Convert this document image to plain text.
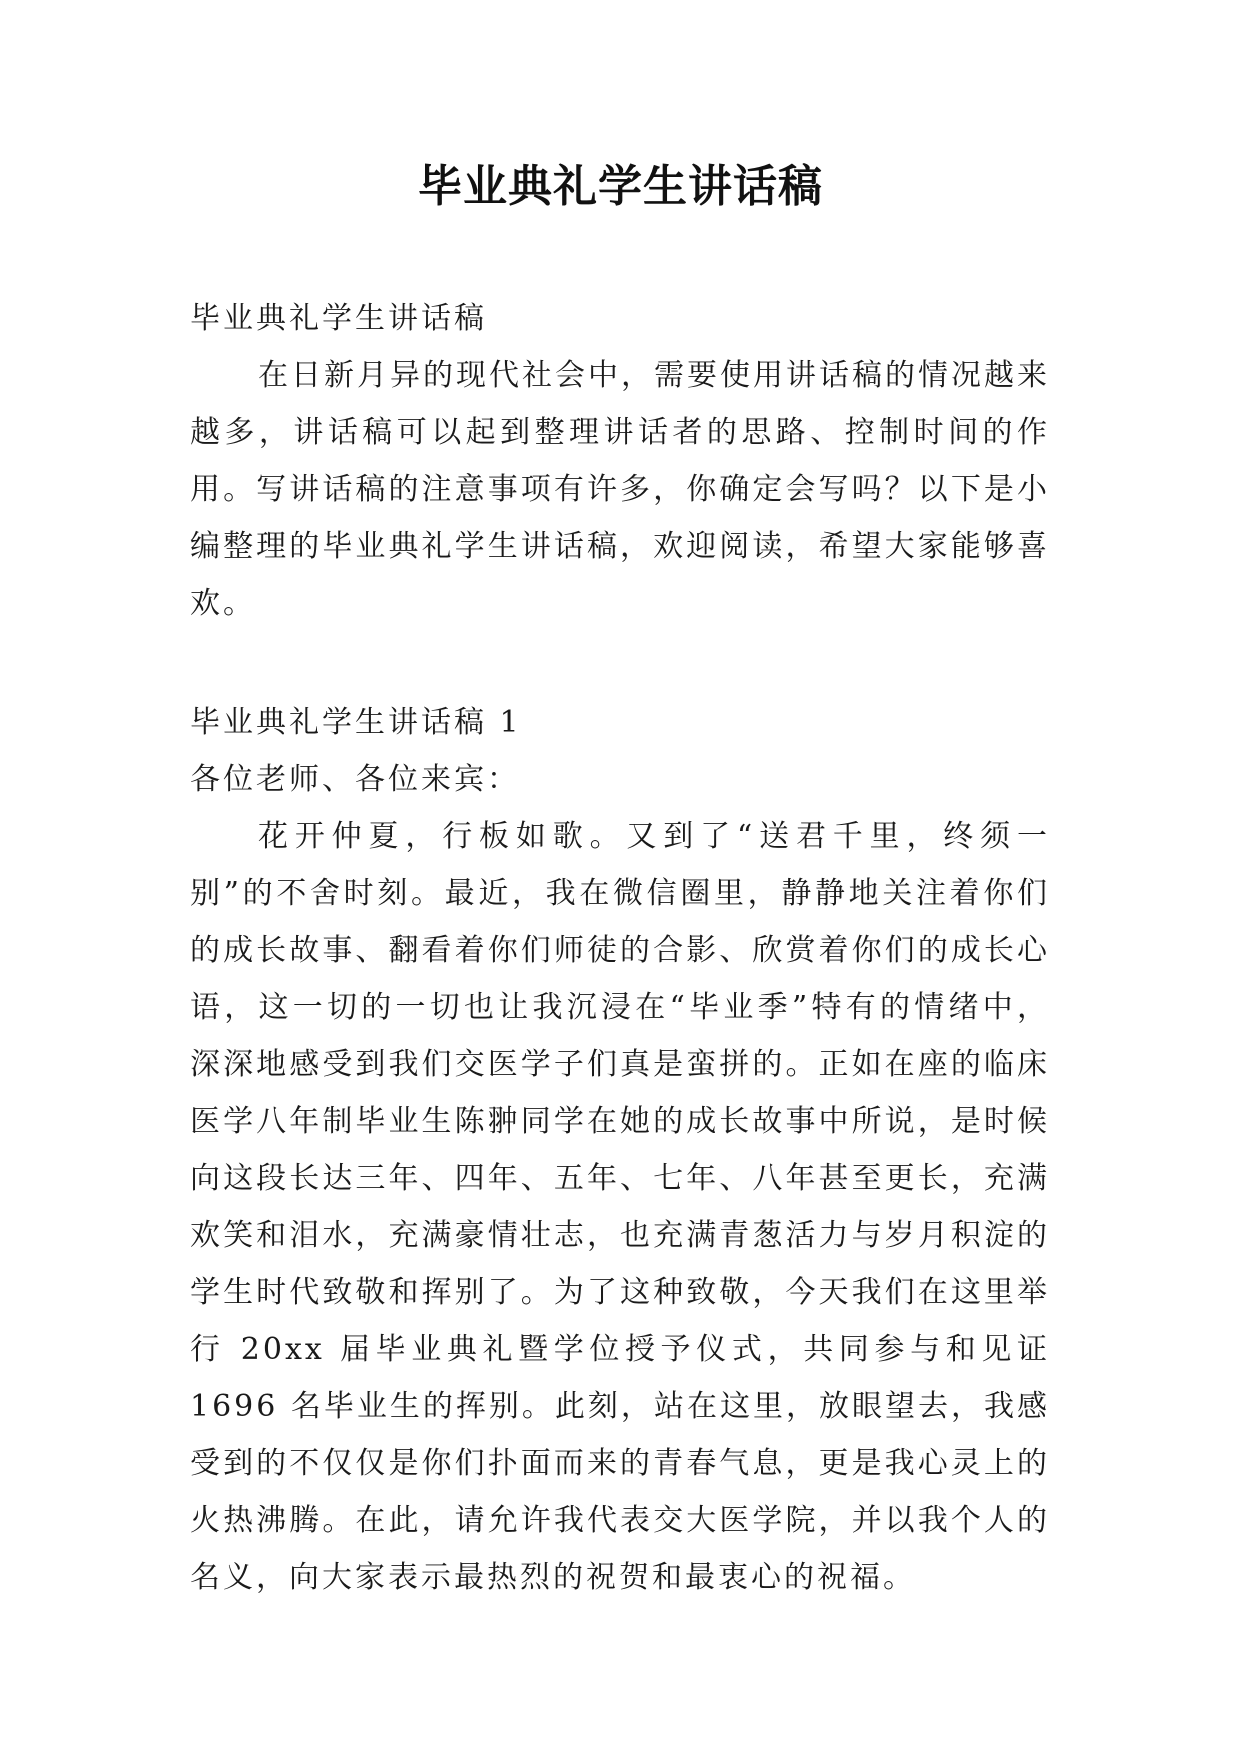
毕业典礼学生讲话稿

毕业典礼学生讲话稿

在日新月异的现代社会中，需要使用讲话稿的情况越来越多，讲话稿可以起到整理讲话者的思路、控制时间的作用。写讲话稿的注意事项有许多，你确定会写吗？以下是小编整理的毕业典礼学生讲话稿，欢迎阅读，希望大家能够喜欢。

毕业典礼学生讲话稿 1

各位老师、各位来宾：

花开仲夏，行板如歌。又到了“送君千里，终须一别”的不舍时刻。最近，我在微信圈里，静静地关注着你们的成长故事、翻看着你们师徒的合影、欣赏着你们的成长心语，这一切的一切也让我沉浸在“毕业季”特有的情绪中，深深地感受到我们交医学子们真是蛮拼的。正如在座的临床医学八年制毕业生陈翀同学在她的成长故事中所说，是时候向这段长达三年、四年、五年、七年、八年甚至更长，充满欢笑和泪水，充满豪情壮志，也充满青葱活力与岁月积淀的学生时代致敬和挥别了。为了这种致敬，今天我们在这里举行 20xx 届毕业典礼暨学位授予仪式，共同参与和见证 1696 名毕业生的挥别。此刻，站在这里，放眼望去，我感受到的不仅仅是你们扑面而来的青春气息，更是我心灵上的火热沸腾。在此，请允许我代表交大医学院，并以我个人的名义，向大家表示最热烈的祝贺和最衷心的祝福。
